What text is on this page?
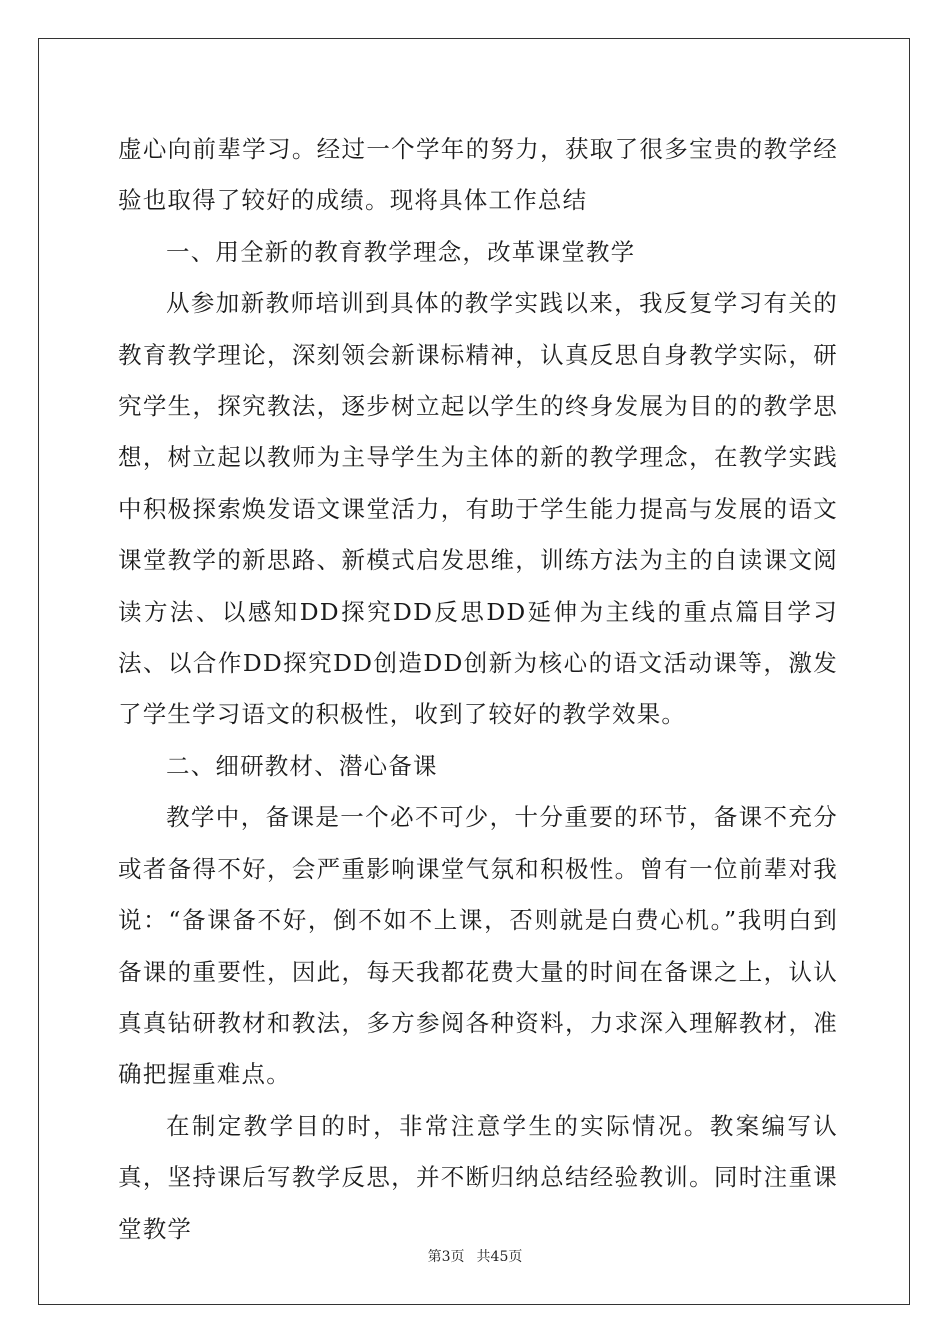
虚心向前辈学习。经过一个学年的努力，获取了很多宝贵的教学经验也取得了较好的成绩。现将具体工作总结

一、用全新的教育教学理念，改革课堂教学

从参加新教师培训到具体的教学实践以来，我反复学习有关的教育教学理论，深刻领会新课标精神，认真反思自身教学实际，研究学生，探究教法，逐步树立起以学生的终身发展为目的的教学思想，树立起以教师为主导学生为主体的新的教学理念，在教学实践中积极探索焕发语文课堂活力，有助于学生能力提高与发展的语文课堂教学的新思路、新模式启发思维，训练方法为主的自读课文阅读方法、以感知DD探究DD反思DD延伸为主线的重点篇目学习法、以合作DD探究DD创造DD创新为核心的语文活动课等，激发了学生学习语文的积极性，收到了较好的教学效果。

二、细研教材、潜心备课

教学中，备课是一个必不可少，十分重要的环节，备课不充分或者备得不好，会严重影响课堂气氛和积极性。曾有一位前辈对我说：“备课备不好，倒不如不上课，否则就是白费心机。”我明白到备课的重要性，因此，每天我都花费大量的时间在备课之上，认认真真钻研教材和教法，多方参阅各种资料，力求深入理解教材，准确把握重难点。

在制定教学目的时，非常注意学生的实际情况。教案编写认真，坚持课后写教学反思，并不断归纳总结经验教训。同时注重课堂教学

第3页 共45页
